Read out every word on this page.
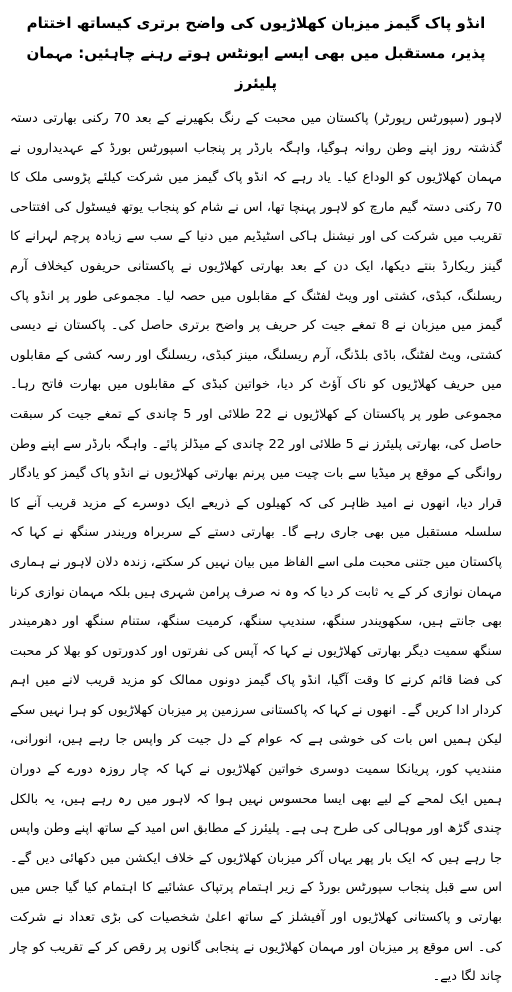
انڈو پاک گیمز میزبان کھلاڑیوں کی واضح برتری کیساتھ اختتام پذیر، مستقبل میں بھی ایسے ایونٹس ہوتے رہنے چاہئیں: مہمان پلیئرز

لاہور (سپورٹس رپورٹر) پاکستان میں محبت کے رنگ بکھیرنے کے بعد 70 رکنی بھارتی دستہ گذشتہ روز اپنے وطن روانہ ہوگیا، واہگہ بارڈر پر پنجاب اسپورٹس بورڈ کے عہدیداروں نے مہمان کھلاڑیوں کو الوداع کیا۔ یاد رہے کہ انڈو پاک گیمز میں شرکت کیلئے پڑوسی ملک کا 70 رکنی دستہ گیم مارچ کو لاہور پہنچا تھا، اس نے شام کو پنجاب یوتھ فیسٹول کی افتتاحی تقریب میں شرکت کی اور نیشنل ہاکی اسٹیڈیم میں دنیا کے سب سے زیادہ پرچم لہرانے کا گینز ریکارڈ بنتے دیکھا، ایک دن کے بعد بھارتی کھلاڑیوں نے پاکستانی حریفوں کیخلاف آرم ریسلنگ، کبڈی، کشتی اور ویٹ لفٹنگ کے مقابلوں میں حصہ لیا۔ مجموعی طور پر انڈو پاک گیمز میں میزبان نے 8 تمغے جیت کر حریف پر واضح برتری حاصل کی۔ پاکستان نے دیسی کشتی، ویٹ لفٹنگ، باڈی بلڈنگ، آرم ریسلنگ، مینز کبڈی، ریسلنگ اور رسہ کشی کے مقابلوں میں حریف کھلاڑیوں کو ناک آؤٹ کر دیا، خواتین کبڈی کے مقابلوں میں بھارت فاتح رہا۔ مجموعی طور پر پاکستان کے کھلاڑیوں نے 22 طلائی اور 5 چاندی کے تمغے جیت کر سبقت حاصل کی، بھارتی پلیئرز نے 5 طلائی اور 22 چاندی کے میڈلز پائے۔ واہگہ بارڈر سے اپنے وطن روانگی کے موقع پر میڈیا سے بات چیت میں پرنم بھارتی کھلاڑیوں نے انڈو پاک گیمز کو یادگار قرار دیا، انھوں نے امید ظاہر کی کہ کھیلوں کے ذریعے ایک دوسرے کے مزید قریب آنے کا سلسلہ مستقبل میں بھی جاری رہے گا۔ بھارتی دستے کے سربراہ وریندر سنگھ نے کہا کہ پاکستان میں جتنی محبت ملی اسے الفاظ میں بیان نہیں کر سکتے، زندہ دلان لاہور نے ہماری مہمان نوازی کر کے یہ ثابت کر دیا کہ وہ نہ صرف پرامن شہری ہیں بلکہ مہمان نوازی کرنا بھی جانتے ہیں، سکھویندر سنگھ، سندیپ سنگھ، کرمیت سنگھ، ستنام سنگھ اور دھرمیندر سنگھ سمیت دیگر بھارتی کھلاڑیوں نے کہا کہ آپس کی نفرتوں اور کدورتوں کو بھلا کر محبت کی فضا قائم کرنے کا وقت آگیا، انڈو پاک گیمز دونوں ممالک کو مزید قریب لانے میں اہم کردار ادا کریں گے۔ انھوں نے کہا کہ پاکستانی سرزمین پر میزبان کھلاڑیوں کو ہرا نہیں سکے لیکن ہمیں اس بات کی خوشی ہے کہ عوام کے دل جیت کر واپس جا رہے ہیں، انورانی، منندیپ کور، پریانکا سمیت دوسری خواتین کھلاڑیوں نے کہا کہ چار روزہ دورے کے دوران ہمیں ایک لمحے کے لیے بھی ایسا محسوس نہیں ہوا کہ لاہور میں رہ رہے ہیں، یہ بالکل چندی گڑھ اور موہالی کی طرح ہی ہے۔ پلیئرز کے مطابق اس امید کے ساتھ اپنے وطن واپس جا رہے ہیں کہ ایک بار پھر یہاں آکر میزبان کھلاڑیوں کے خلاف ایکشن میں دکھائی دیں گے۔ اس سے قبل پنجاب سپورٹس بورڈ کے زیر اہتمام پرتپاک عشائیے کا اہتمام کیا گیا جس میں بھارتی و پاکستانی کھلاڑیوں اور آفیشلز کے ساتھ اعلیٰ شخصیات کی بڑی تعداد نے شرکت کی۔ اس موقع پر میزبان اور مہمان کھلاڑیوں نے پنجابی گانوں پر رقص کر کے تقریب کو چار چاند لگا دیے۔
